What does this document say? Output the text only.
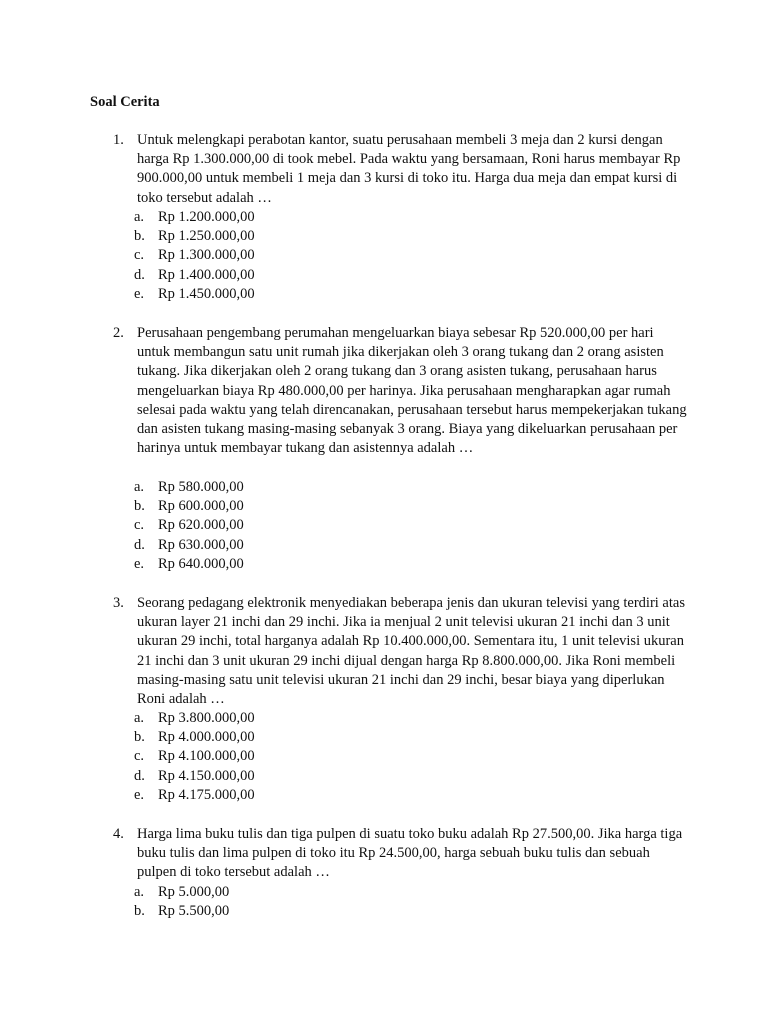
Soal Cerita
1. Untuk melengkapi perabotan kantor, suatu perusahaan membeli 3 meja dan 2 kursi dengan harga Rp 1.300.000,00 di took mebel. Pada waktu yang bersamaan, Roni harus membayar Rp 900.000,00 untuk membeli 1 meja dan 3 kursi di toko itu. Harga dua meja dan empat kursi di toko tersebut adalah …

a. Rp 1.200.000,00
b. Rp 1.250.000,00
c. Rp 1.300.000,00
d. Rp 1.400.000,00
e. Rp 1.450.000,00
2. Perusahaan pengembang perumahan mengeluarkan biaya sebesar Rp 520.000,00 per hari untuk membangun satu unit rumah jika dikerjakan oleh 3 orang tukang dan 2 orang asisten tukang. Jika dikerjakan oleh 2 orang tukang dan 3 orang asisten tukang, perusahaan harus mengeluarkan biaya Rp 480.000,00 per harinya. Jika perusahaan mengharapkan agar rumah selesai pada waktu yang telah direncanakan, perusahaan tersebut harus mempekerjakan tukang dan asisten tukang masing-masing sebanyak 3 orang. Biaya yang dikeluarkan perusahaan per harinya untuk membayar tukang dan asistennya adalah …

a. Rp 580.000,00
b. Rp 600.000,00
c. Rp 620.000,00
d. Rp 630.000,00
e. Rp 640.000,00
3. Seorang pedagang elektronik menyediakan beberapa jenis dan ukuran televisi yang terdiri atas ukuran layer 21 inchi dan 29 inchi. Jika ia menjual 2 unit televisi ukuran 21 inchi dan 3 unit ukuran 29 inchi, total harganya adalah Rp 10.400.000,00. Sementara itu, 1 unit televisi ukuran 21 inchi dan 3 unit ukuran 29 inchi dijual dengan harga Rp 8.800.000,00. Jika Roni membeli masing-masing satu unit televisi ukuran 21 inchi dan 29 inchi, besar biaya yang diperlukan Roni adalah …

a. Rp 3.800.000,00
b. Rp 4.000.000,00
c. Rp 4.100.000,00
d. Rp 4.150.000,00
e. Rp 4.175.000,00
4. Harga lima buku tulis dan tiga pulpen di suatu toko buku adalah Rp 27.500,00. Jika harga tiga buku tulis dan lima pulpen di toko itu Rp 24.500,00, harga sebuah buku tulis dan sebuah pulpen di toko tersebut adalah …

a. Rp 5.000,00
b. Rp 5.500,00
